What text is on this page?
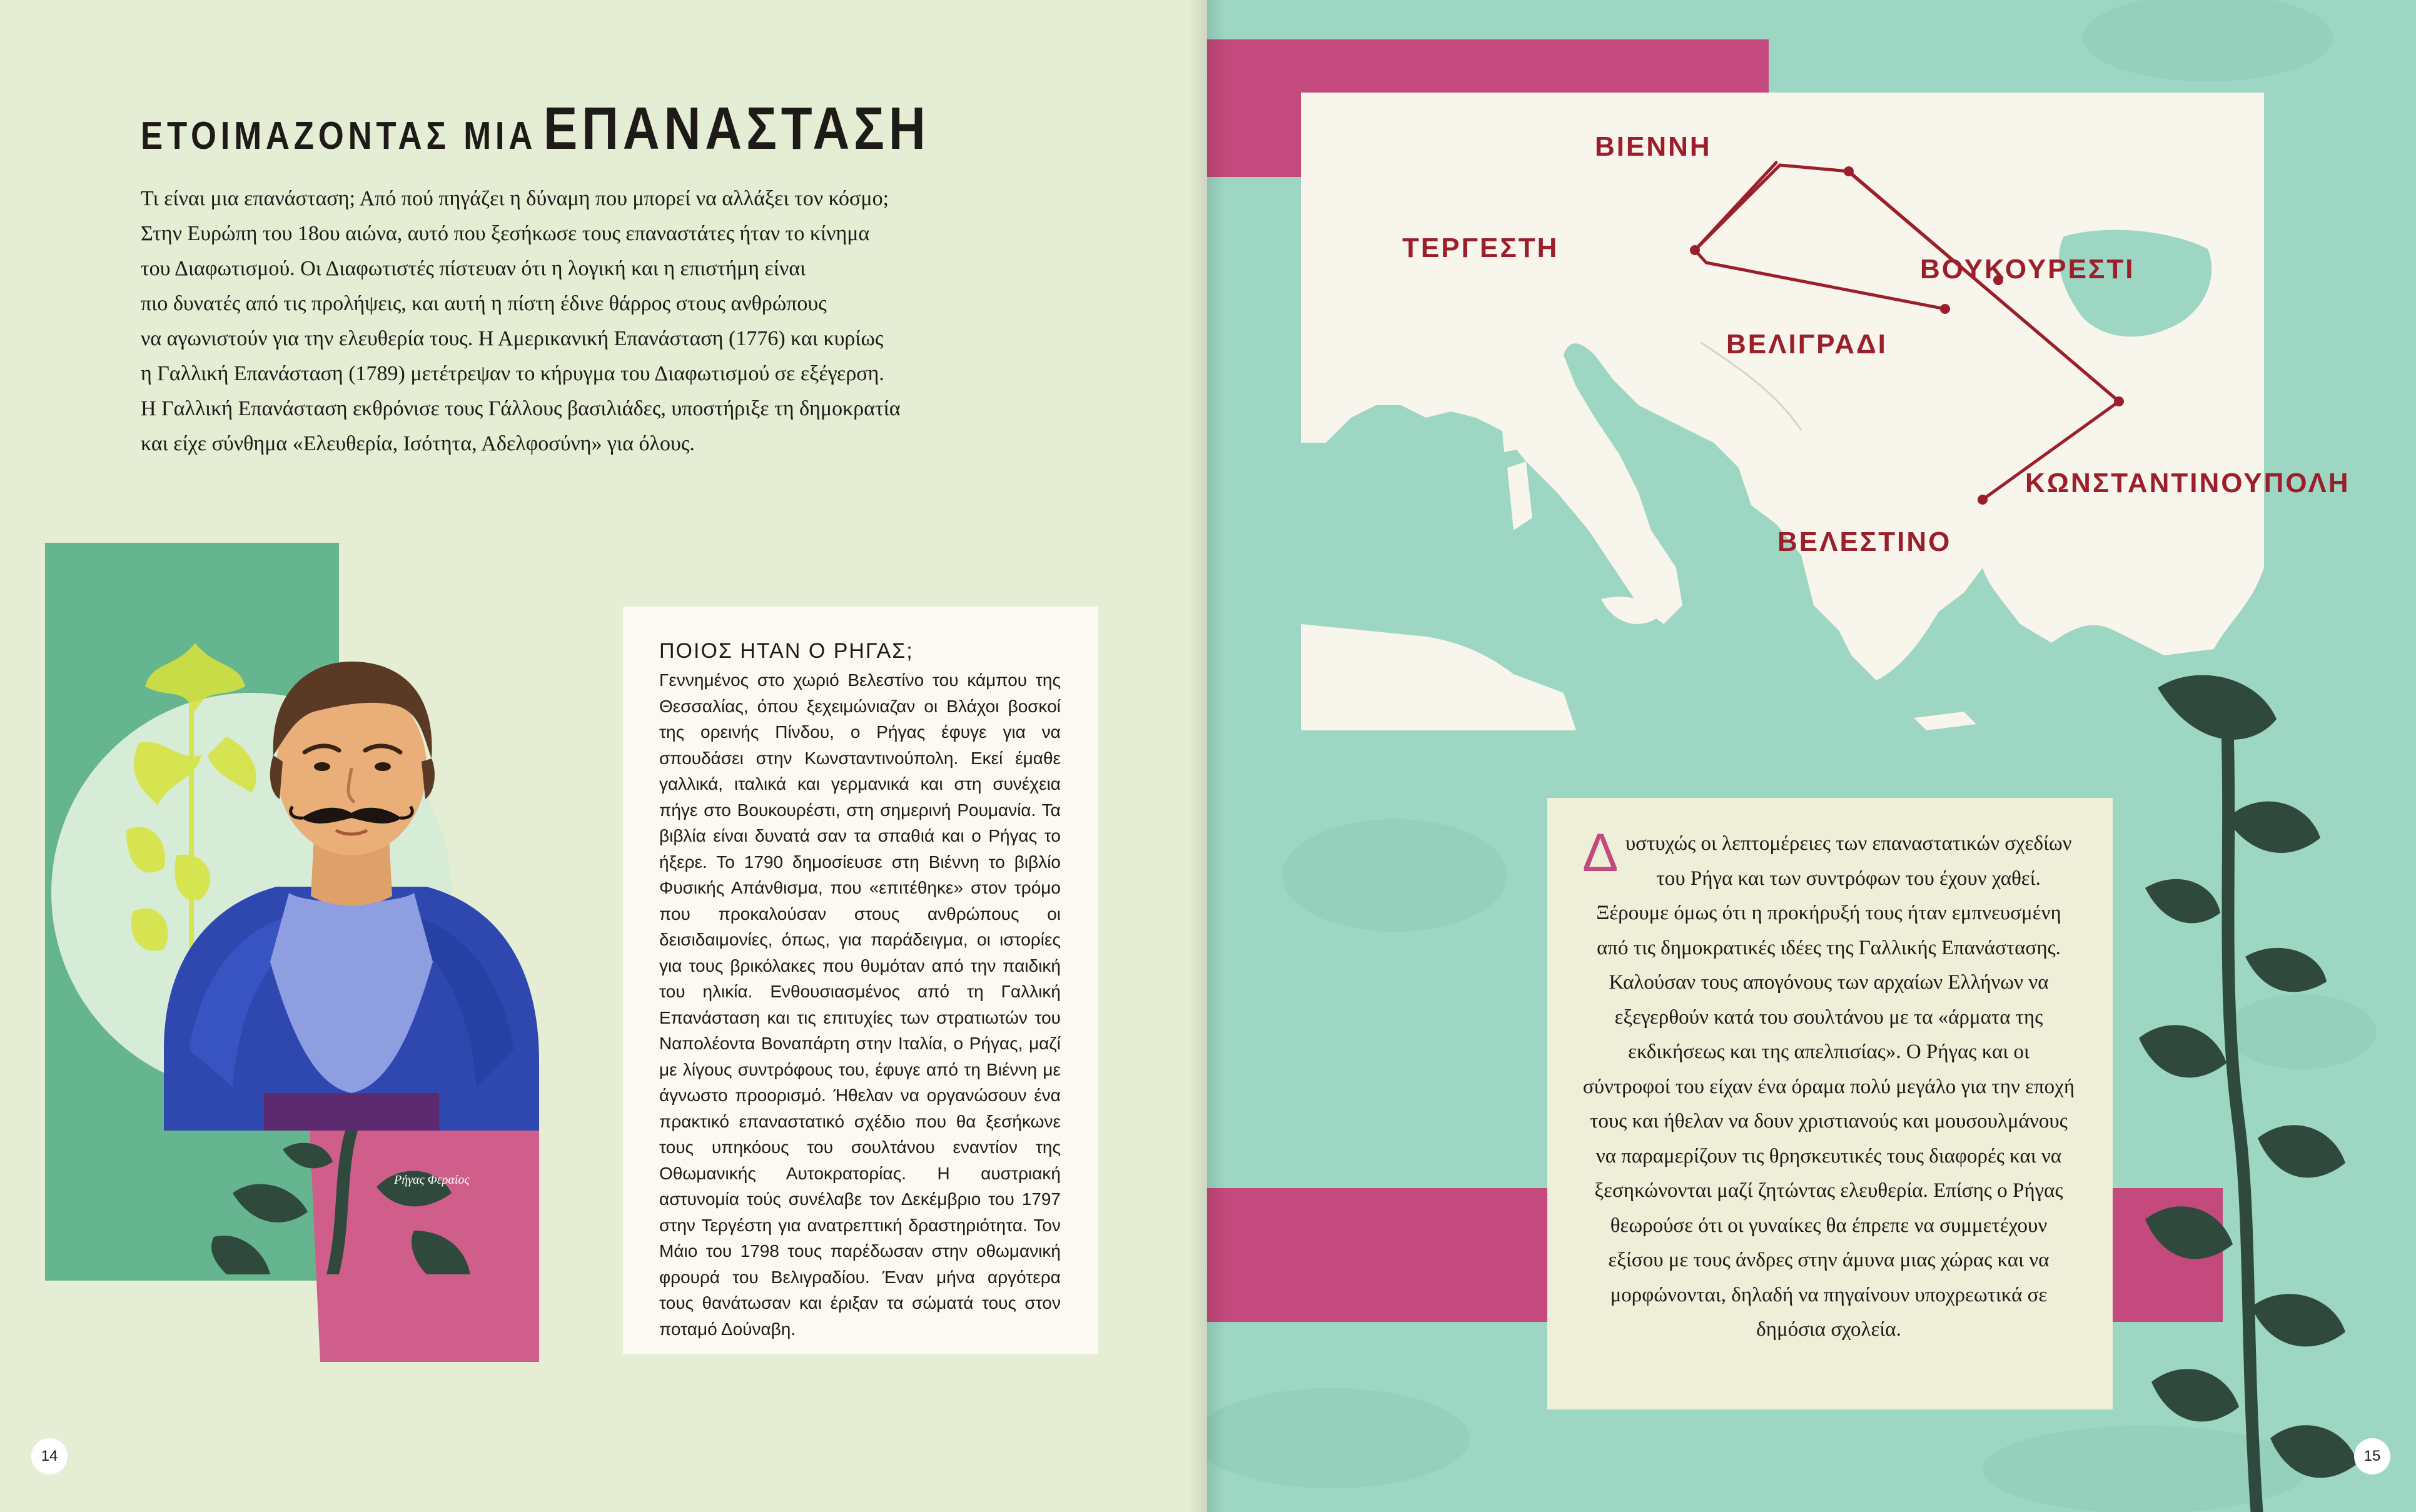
ΕΤΟΙΜΑΖΟΝΤΑΣ ΜΙΑ ΕΠΑΝΑΣΤΑΣΗ

Τι είναι μια επανάσταση; Από πού πηγάζει η δύναμη που μπορεί να αλλάξει τον κόσμο;

Στην Ευρώπη του 18ου αιώνα, αυτό που ξεσήκωσε τους επαναστάτες ήταν το κίνημα

του Διαφωτισμού. Οι Διαφωτιστές πίστευαν ότι η λογική και η επιστήμη είναι

πιο δυνατές από τις προλήψεις, και αυτή η πίστη έδινε θάρρος στους ανθρώπους

να αγωνιστούν για την ελευθερία τους. Η Αμερικανική Επανάσταση (1776) και κυρίως

η Γαλλική Επανάσταση (1789) μετέτρεψαν το κήρυγμα του Διαφωτισμού σε εξέγερση.

Η Γαλλική Επανάσταση εκθρόνισε τους Γάλλους βασιλιάδες, υποστήριξε τη δημοκρατία

και είχε σύνθημα «Ελευθερία, Ισότητα, Αδελφοσύνη» για όλους.

Ρήγας Φεραίος
ΠΟΙΟΣ ΗΤΑΝ Ο ΡΗΓΑΣ;

Γεννημένος στο χωριό Βελεστίνο του κάμπου της Θεσσαλίας, όπου ξεχειμώνιαζαν οι Βλάχοι βοσκοί της ορεινής Πίνδου, ο Ρήγας έφυγε για να σπουδάσει στην Κωνσταντινούπολη. Εκεί έμαθε γαλλικά, ιταλικά και γερμανικά και στη συνέχεια πήγε στο Βουκουρέστι, στη σημερινή Ρουμανία. Τα βιβλία είναι δυνατά σαν τα σπαθιά και ο Ρήγας το ήξερε. Το 1790 δημοσίευσε στη Βιέννη το βιβλίο Φυσικής Απάνθισμα, που «επιτέθηκε» στον τρόμο που προκαλούσαν στους ανθρώπους οι δεισιδαιμονίες, όπως, για παράδειγμα, οι ιστορίες για τους βρικόλακες που θυμόταν από την παιδική του ηλικία. Ενθουσιασμένος από τη Γαλλική Επανάσταση και τις επιτυχίες των στρατιωτών του Ναπολέοντα Βοναπάρτη στην Ιταλία, ο Ρήγας, μαζί με λίγους συντρόφους του, έφυγε από τη Βιέννη με άγνωστο προορισμό. Ήθελαν να οργανώσουν ένα πρακτικό επαναστατικό σχέδιο που θα ξεσήκωνε τους υπηκόους του σουλτάνου εναντίον της Οθωμανικής Αυτοκρατορίας. Η αυστριακή αστυνομία τούς συνέλαβε τον Δεκέμβριο του 1797 στην Τεργέστη για ανατρεπτική δραστηριότητα. Τον Μάιο του 1798 τους παρέδωσαν στην οθωμανική φρουρά του Βελιγραδίου. Έναν μήνα αργότερα τους θανάτωσαν και έριξαν τα σώματά τους στον ποταμό Δούναβη.

14
ΒΙΕΝΝΗ
ΤΕΡΓΕΣΤΗ
ΒΟΥΚΟΥΡΕΣΤΙ
ΒΕΛΙΓΡΑΔΙ
ΚΩΝΣΤΑΝΤΙΝΟΥΠΟΛΗ
ΒΕΛΕΣΤΙΝΟ
Δ υστυχώς οι λεπτομέρειες των επαναστατικών σχεδίων του Ρήγα και των συντρόφων του έχουν χαθεί. Ξέρουμε όμως ότι η προκήρυξή τους ήταν εμπνευσμένη από τις δημοκρατικές ιδέες της Γαλλικής Επανάστασης. Καλούσαν τους απογόνους των αρχαίων Ελλήνων να εξεγερθούν κατά του σουλτάνου με τα «άρματα της εκδικήσεως και της απελπισίας». Ο Ρήγας και οι σύντροφοί του είχαν ένα όραμα πολύ μεγάλο για την εποχή τους και ήθελαν να δουν χριστιανούς και μουσουλμάνους να παραμερίζουν τις θρησκευτικές τους διαφορές και να ξεσηκώνονται μαζί ζητώντας ελευθερία. Επίσης ο Ρήγας θεωρούσε ότι οι γυναίκες θα έπρεπε να συμμετέχουν εξίσου με τους άνδρες στην άμυνα μιας χώρας και να μορφώνονται, δηλαδή να πηγαίνουν υποχρεωτικά σε δημόσια σχολεία.

15
